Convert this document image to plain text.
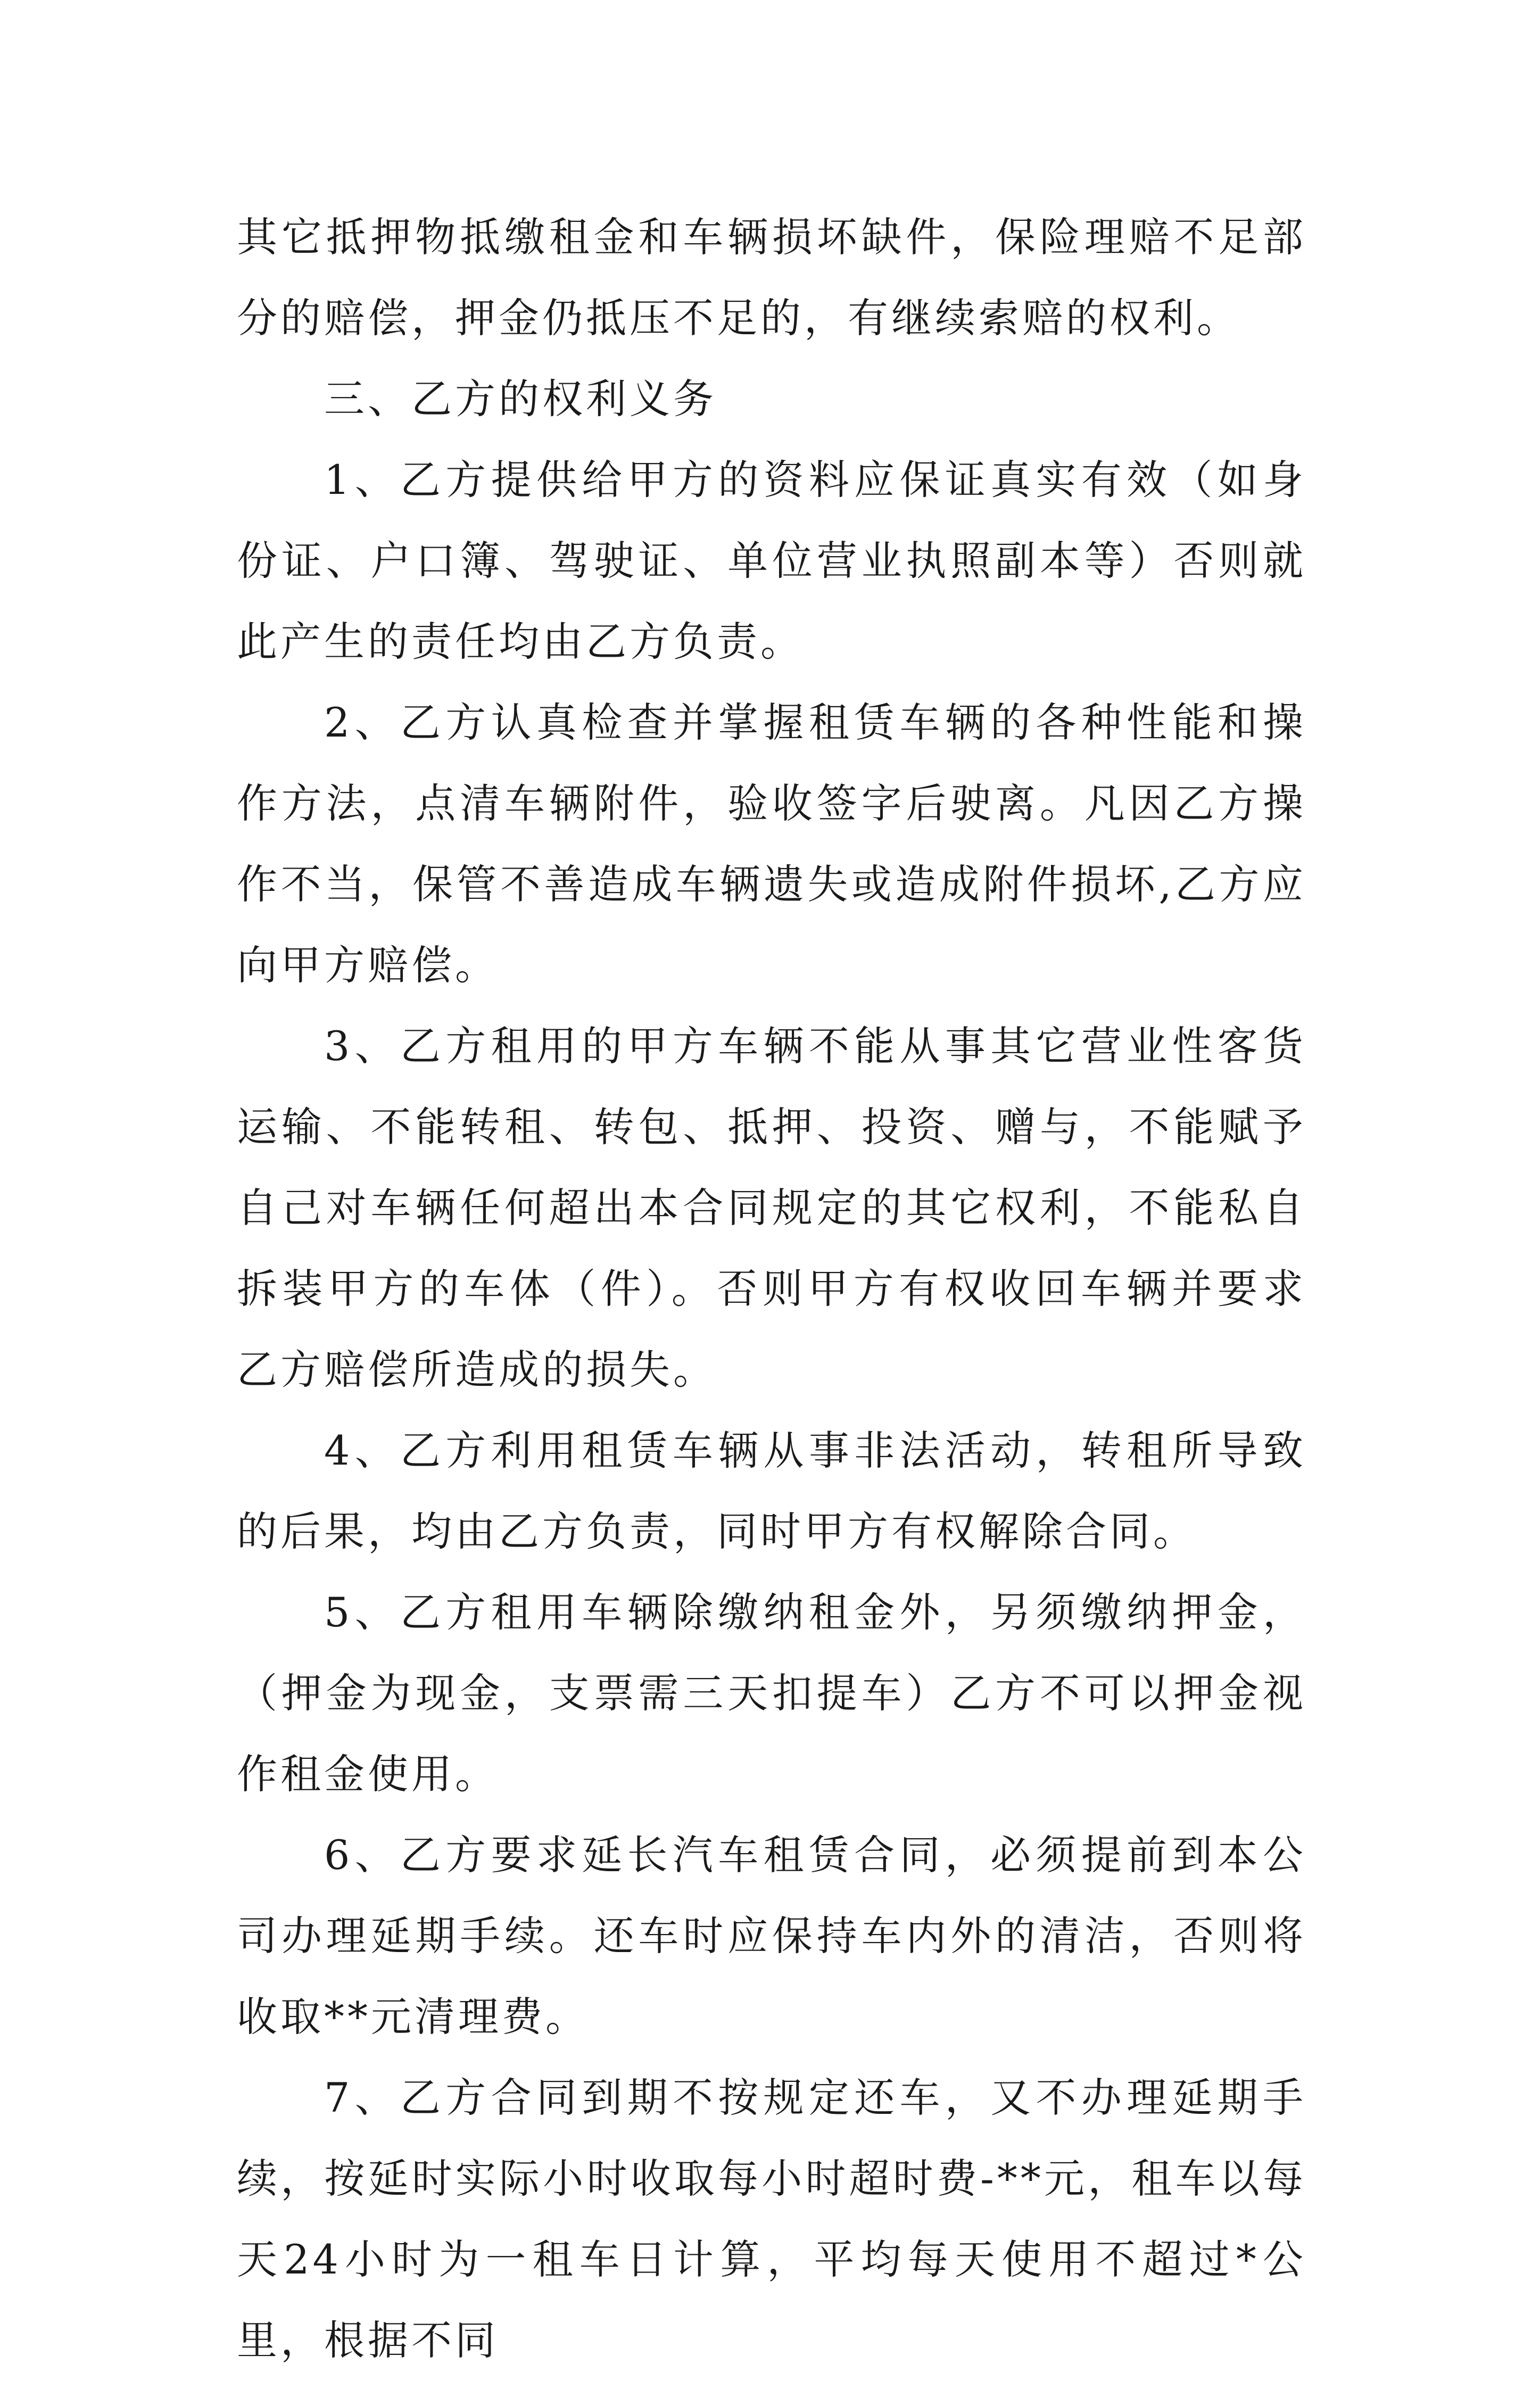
其它抵押物抵缴租金和车辆损坏缺件，保险理赔不足部分的赔偿，押金仍抵压不足的，有继续索赔的权利。

三、乙方的权利义务

1、乙方提供给甲方的资料应保证真实有效（如身份证、户口簿、驾驶证、单位营业执照副本等）否则就此产生的责任均由乙方负责。

2、乙方认真检查并掌握租赁车辆的各种性能和操作方法，点清车辆附件，验收签字后驶离。凡因乙方操作不当，保管不善造成车辆遗失或造成附件损坏,乙方应向甲方赔偿。

3、乙方租用的甲方车辆不能从事其它营业性客货运输、不能转租、转包、抵押、投资、赠与，不能赋予自己对车辆任何超出本合同规定的其它权利，不能私自拆装甲方的车体（件）。否则甲方有权收回车辆并要求乙方赔偿所造成的损失。

4、乙方利用租赁车辆从事非法活动，转租所导致的后果，均由乙方负责，同时甲方有权解除合同。

5、乙方租用车辆除缴纳租金外，另须缴纳押金，（押金为现金，支票需三天扣提车）乙方不可以押金视作租金使用。

6、乙方要求延长汽车租赁合同，必须提前到本公司办理延期手续。还车时应保持车内外的清洁，否则将收取**元清理费。

7、乙方合同到期不按规定还车，又不办理延期手续，按延时实际小时收取每小时超时费-**元，租车以每天24小时为一租车日计算，平均每天使用不超过*公里，根据不同
